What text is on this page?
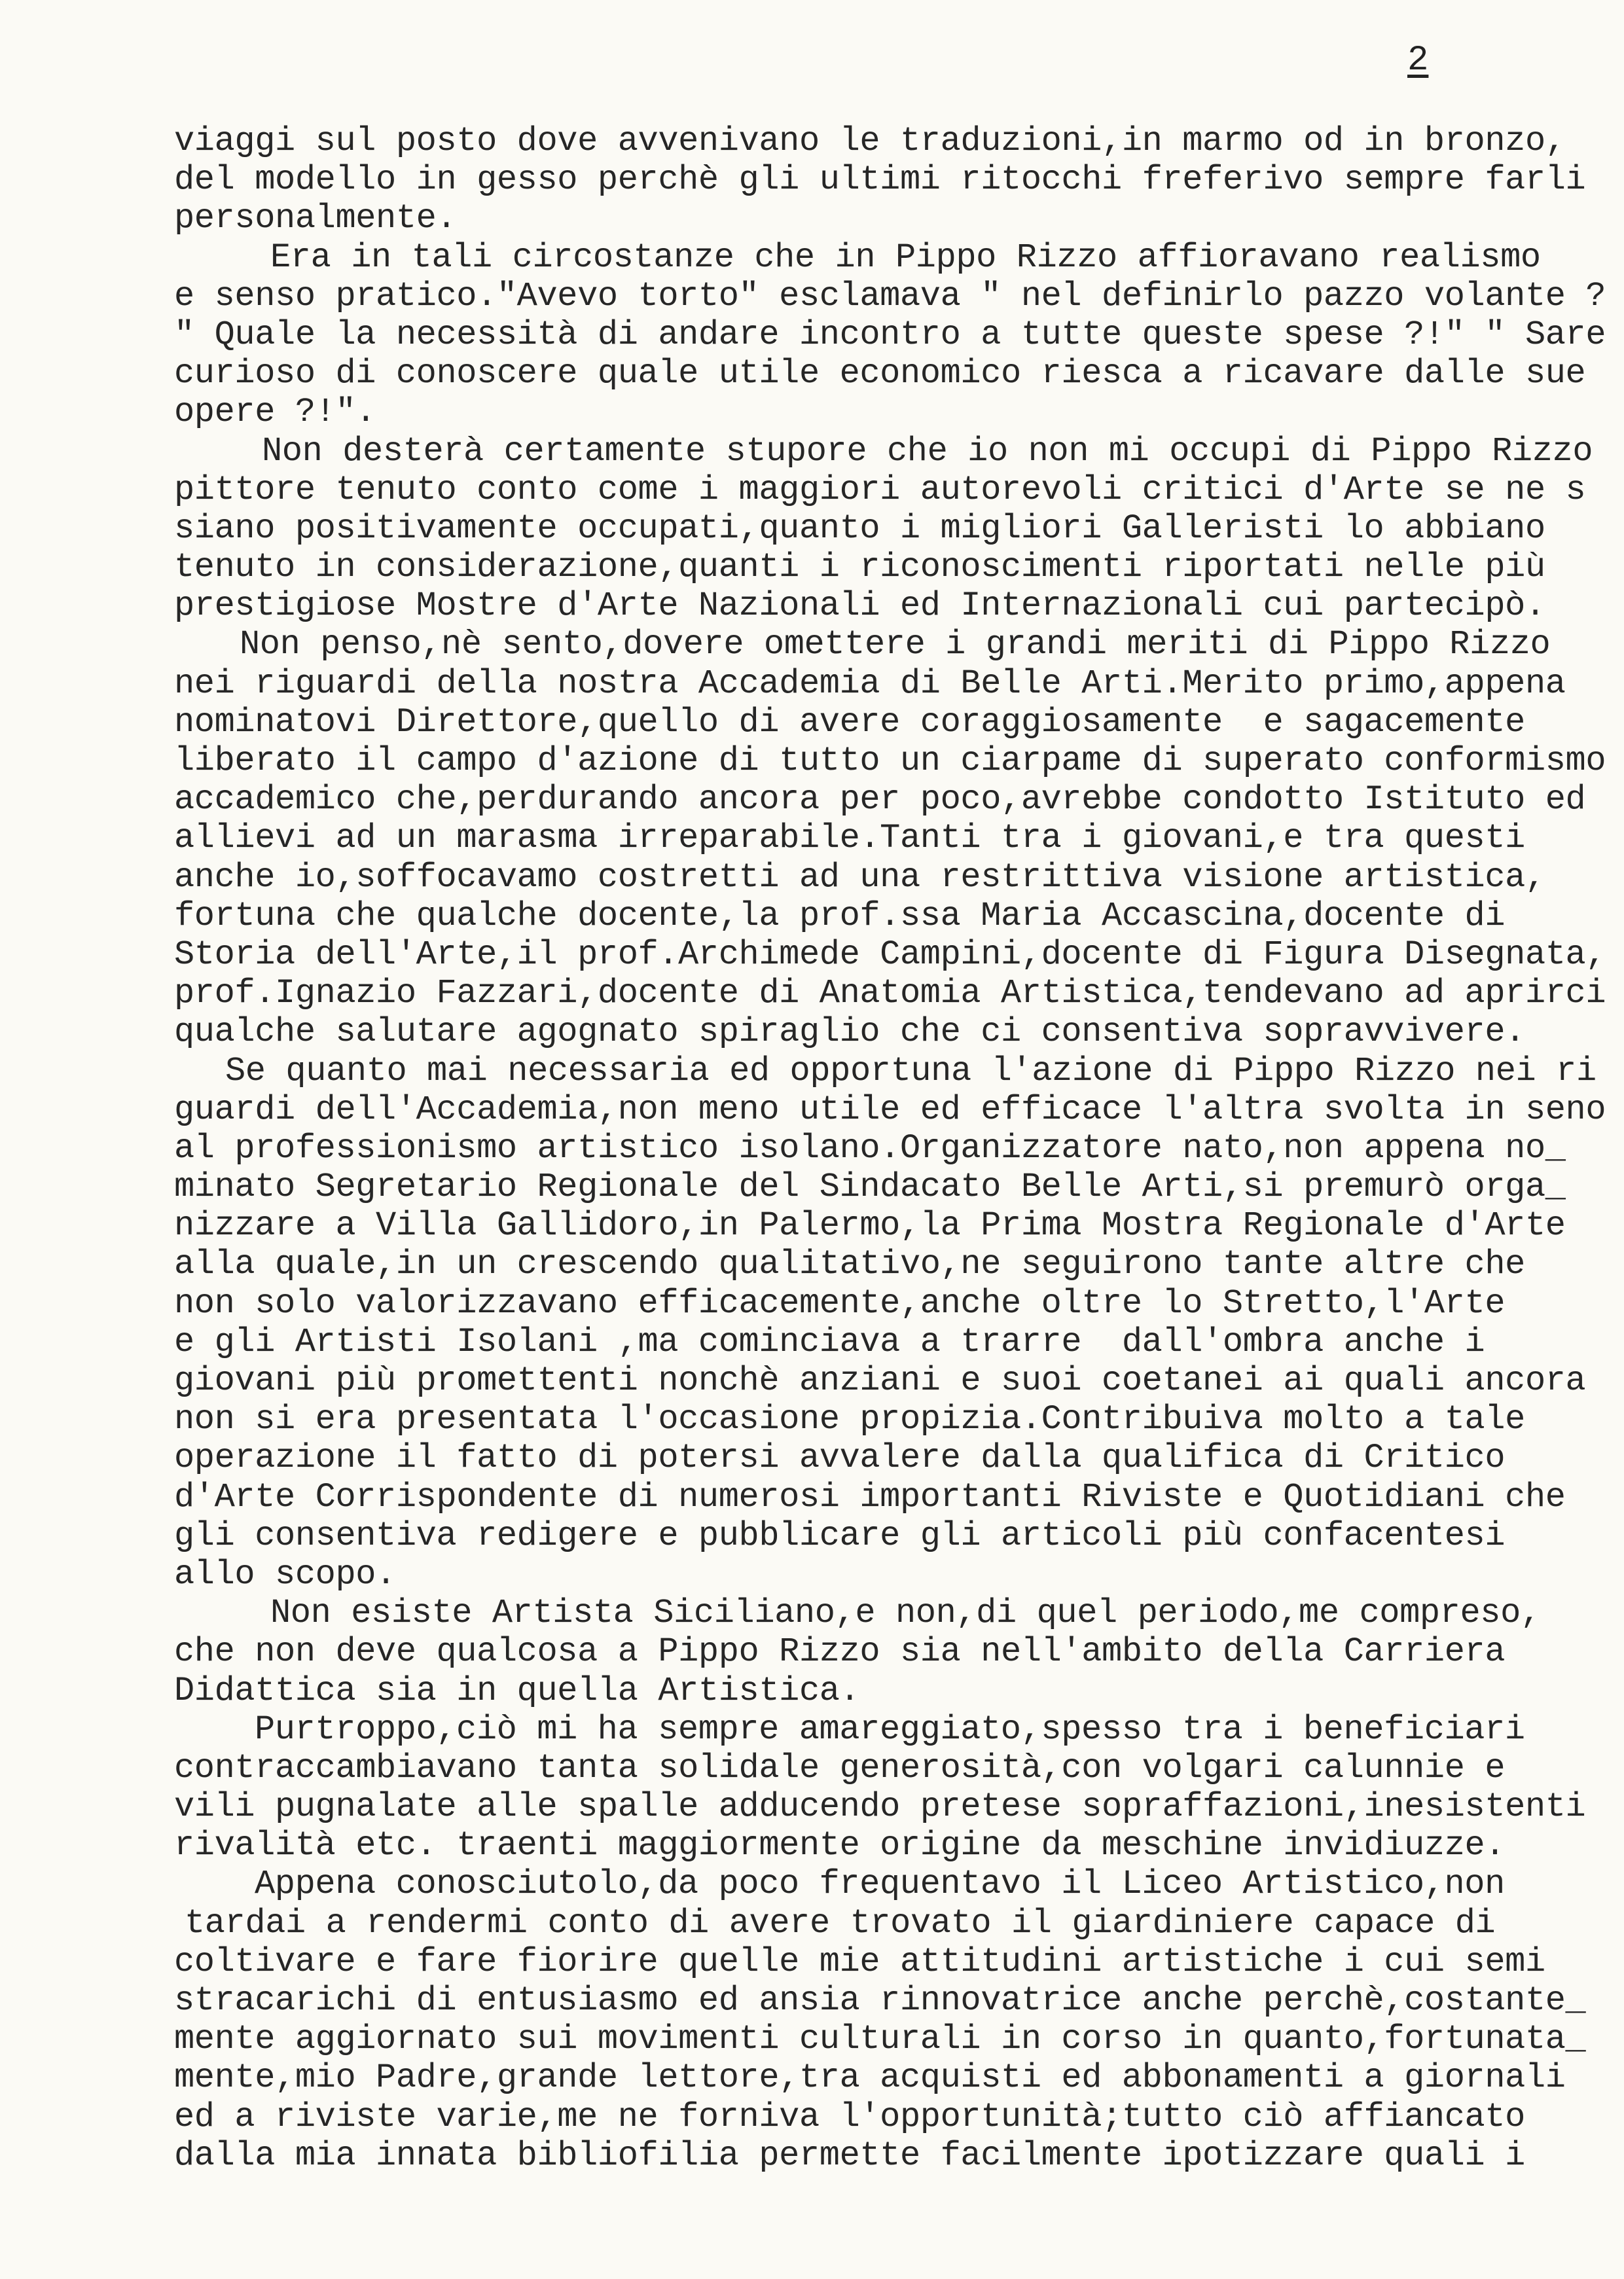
2
viaggi sul posto dove avvenivano le traduzioni,in marmo od in bronzo,
del modello in gesso perchè gli ultimi ritocchi freferivo sempre farli
personalmente.
Era in tali circostanze che in Pippo Rizzo affioravano realismo
e senso pratico."Avevo torto" esclamava " nel definirlo pazzo volante ?
" Quale la necessità di andare incontro a tutte queste spese ?!" " Sare
curioso di conoscere quale utile economico riesca a ricavare dalle sue
opere ?!".
Non desterà certamente stupore che io non mi occupi di Pippo Rizzo
pittore tenuto conto come i maggiori autorevoli critici d'Arte se ne s
siano positivamente occupati,quanto i migliori Galleristi lo abbiano
tenuto in considerazione,quanti i riconoscimenti riportati nelle più
prestigiose Mostre d'Arte Nazionali ed Internazionali cui partecipò.
Non penso,nè sento,dovere omettere i grandi meriti di Pippo Rizzo
nei riguardi della nostra Accademia di Belle Arti.Merito primo,appena
nominatovi Direttore,quello di avere coraggiosamente  e sagacemente
liberato il campo d'azione di tutto un ciarpame di superato conformismo
accademico che,perdurando ancora per poco,avrebbe condotto Istituto ed
allievi ad un marasma irreparabile.Tanti tra i giovani,e tra questi
anche io,soffocavamo costretti ad una restrittiva visione artistica,
fortuna che qualche docente,la prof.ssa Maria Accascina,docente di
Storia dell'Arte,il prof.Archimede Campini,docente di Figura Disegnata,
prof.Ignazio Fazzari,docente di Anatomia Artistica,tendevano ad aprirci
qualche salutare agognato spiraglio che ci consentiva sopravvivere.
Se quanto mai necessaria ed opportuna l'azione di Pippo Rizzo nei ri
guardi dell'Accademia,non meno utile ed efficace l'altra svolta in seno
al professionismo artistico isolano.Organizzatore nato,non appena no_
minato Segretario Regionale del Sindacato Belle Arti,si premurò orga_
nizzare a Villa Gallidoro,in Palermo,la Prima Mostra Regionale d'Arte
alla quale,in un crescendo qualitativo,ne seguirono tante altre che
non solo valorizzavano efficacemente,anche oltre lo Stretto,l'Arte
e gli Artisti Isolani ,ma cominciava a trarre  dall'ombra anche i
giovani più promettenti nonchè anziani e suoi coetanei ai quali ancora
non si era presentata l'occasione propizia.Contribuiva molto a tale
operazione il fatto di potersi avvalere dalla qualifica di Critico
d'Arte Corrispondente di numerosi importanti Riviste e Quotidiani che
gli consentiva redigere e pubblicare gli articoli più confacentesi
allo scopo.
Non esiste Artista Siciliano,e non,di quel periodo,me compreso,
che non deve qualcosa a Pippo Rizzo sia nell'ambito della Carriera
Didattica sia in quella Artistica.
Purtroppo,ciò mi ha sempre amareggiato,spesso tra i beneficiari
contraccambiavano tanta solidale generosità,con volgari calunnie e
vili pugnalate alle spalle adducendo pretese sopraffazioni,inesistenti
rivalità etc. traenti maggiormente origine da meschine invidiuzze.
Appena conosciutolo,da poco frequentavo il Liceo Artistico,non
tardai a rendermi conto di avere trovato il giardiniere capace di
coltivare e fare fiorire quelle mie attitudini artistiche i cui semi
stracarichi di entusiasmo ed ansia rinnovatrice anche perchè,costante_
mente aggiornato sui movimenti culturali in corso in quanto,fortunata_
mente,mio Padre,grande lettore,tra acquisti ed abbonamenti a giornali
ed a riviste varie,me ne forniva l'opportunità;tutto ciò affiancato
dalla mia innata bibliofilia permette facilmente ipotizzare quali i
